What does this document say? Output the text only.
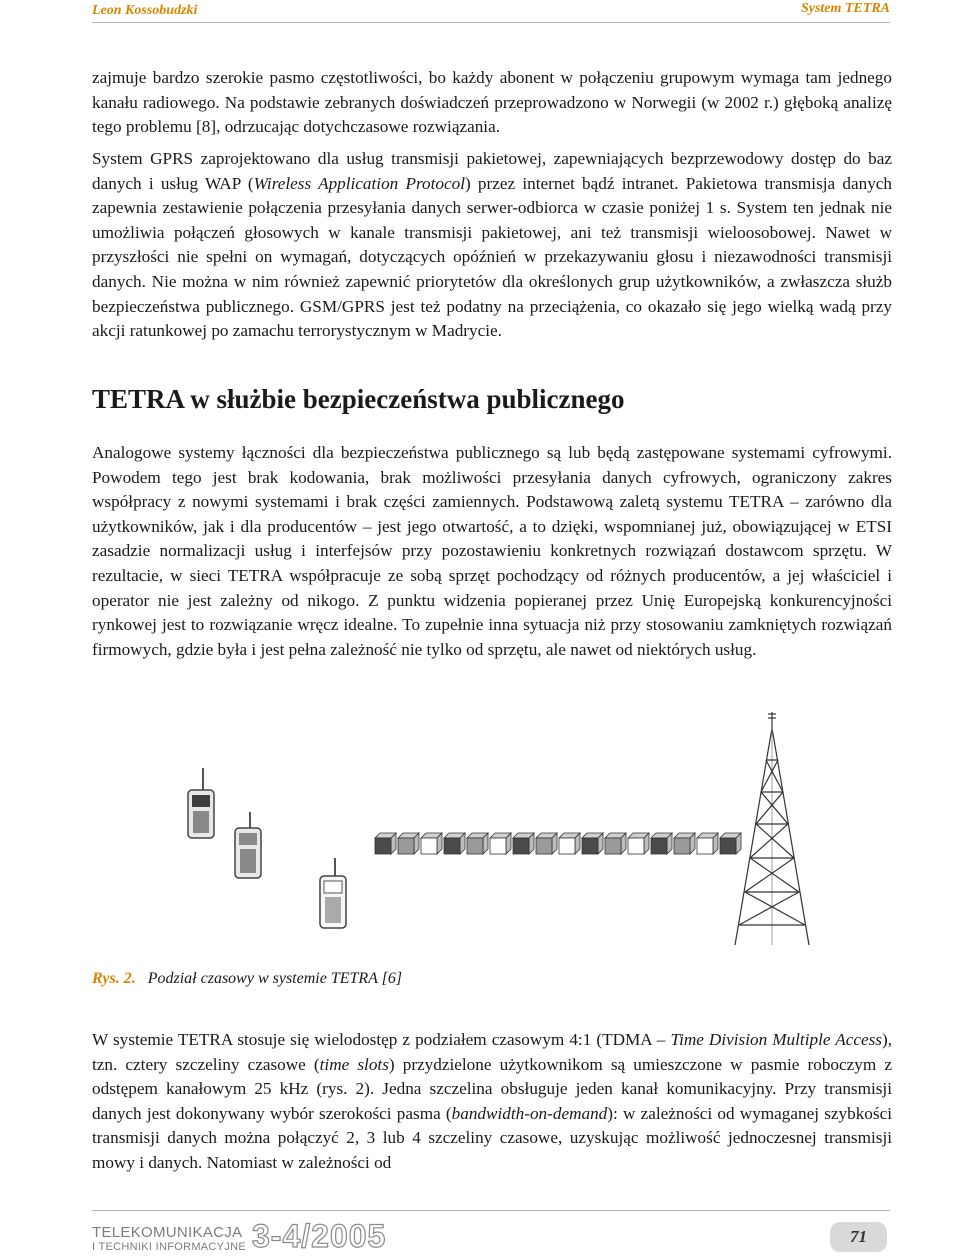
Leon Kossobudzki	System TETRA

zajmuje bardzo szerokie pasmo częstotliwości, bo każdy abonent w połączeniu grupowym wymaga tam jednego kanału radiowego. Na podstawie zebranych doświadczeń przeprowadzono w Norwegii (w 2002 r.) głęboką analizę tego problemu [8], odrzucając dotychczasowe rozwiązania.

System GPRS zaprojektowano dla usług transmisji pakietowej, zapewniających bezprzewodowy dostęp do baz danych i usług WAP (Wireless Application Protocol) przez internet bądź intranet. Pakietowa transmisja danych zapewnia zestawienie połączenia przesyłania danych serwer-odbiorca w czasie poniżej 1 s. System ten jednak nie umożliwia połączeń głosowych w kanale transmisji pakietowej, ani też transmisji wieloosobowej. Nawet w przyszłości nie spełni on wymagań, dotyczących opóźnień w przekazywaniu głosu i niezawodności transmisji danych. Nie można w nim również zapewnić priorytetów dla określonych grup użytkowników, a zwłaszcza służb bezpieczeństwa publicznego. GSM/GPRS jest też podatny na przeciążenia, co okazało się jego wielką wadą przy akcji ratunkowej po zamachu terrorystycznym w Madrycie.

TETRA w służbie bezpieczeństwa publicznego

Analogowe systemy łączności dla bezpieczeństwa publicznego są lub będą zastępowane systemami cyfrowymi. Powodem tego jest brak kodowania, brak możliwości przesyłania danych cyfrowych, ograniczony zakres współpracy z nowymi systemami i brak części zamiennych. Podstawową zaletą systemu TETRA – zarówno dla użytkowników, jak i dla producentów – jest jego otwartość, a to dzięki, wspomnianej już, obowiązującej w ETSI zasadzie normalizacji usług i interfejsów przy pozostawieniu konkretnych rozwiązań dostawcom sprzętu. W rezultacie, w sieci TETRA współpracuje ze sobą sprzęt pochodzący od różnych producentów, a jej właściciel i operator nie jest zależny od nikogo. Z punktu widzenia popieranej przez Unię Europejską konkurencyjności rynkowej jest to rozwiązanie wręcz idealne. To zupełnie inna sytuacja niż przy stosowaniu zamkniętych rozwiązań firmowych, gdzie była i jest pełna zależność nie tylko od sprzętu, ale nawet od niektórych usług.

Rys. 2. Podział czasowy w systemie TETRA [6]

W systemie TETRA stosuje się wielodostęp z podziałem czasowym 4:1 (TDMA – Time Division Multiple Access), tzn. cztery szczeliny czasowe (time slots) przydzielone użytkownikom są umieszczone w pasmie roboczym z odstępem kanałowym 25 kHz (rys. 2). Jedna szczelina obsługuje jeden kanał komunikacyjny. Przy transmisji danych jest dokonywany wybór szerokości pasma (bandwidth-on-demand): w zależności od wymaganej szybkości transmisji danych można połączyć 2, 3 lub 4 szczeliny czasowe, uzyskując możliwość jednoczesnej transmisji mowy i danych. Natomiast w zależności od

TELEKOMUNIKACJA
I TECHNIKI INFORMACYJNE 3-4/2005	71
